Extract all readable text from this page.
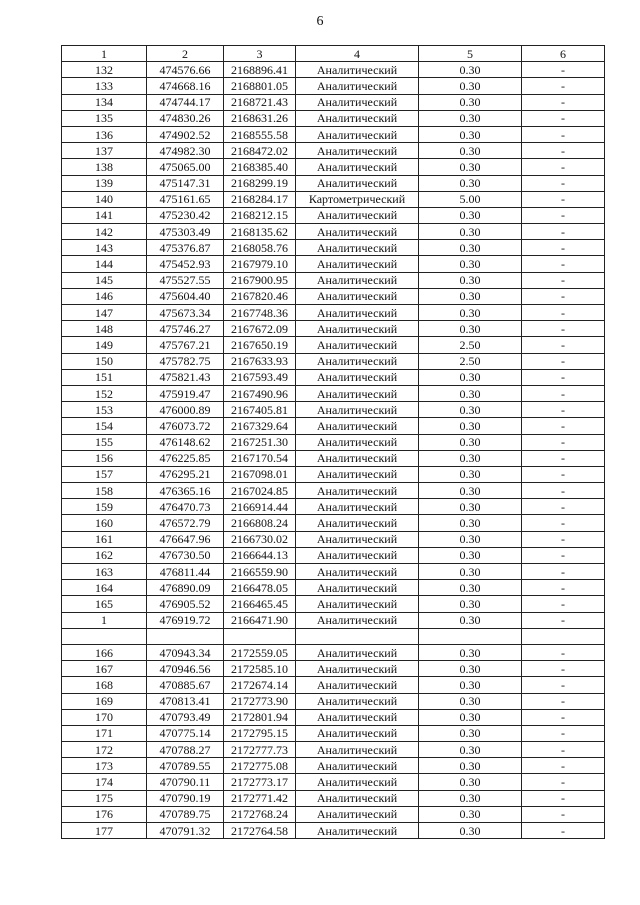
6
1	2	3	4	5	6
132	474576.66	2168896.41	Аналитический	0.30	-
133	474668.16	2168801.05	Аналитический	0.30	-
134	474744.17	2168721.43	Аналитический	0.30	-
135	474830.26	2168631.26	Аналитический	0.30	-
136	474902.52	2168555.58	Аналитический	0.30	-
137	474982.30	2168472.02	Аналитический	0.30	-
138	475065.00	2168385.40	Аналитический	0.30	-
139	475147.31	2168299.19	Аналитический	0.30	-
140	475161.65	2168284.17	Картометрический	5.00	-
141	475230.42	2168212.15	Аналитический	0.30	-
142	475303.49	2168135.62	Аналитический	0.30	-
143	475376.87	2168058.76	Аналитический	0.30	-
144	475452.93	2167979.10	Аналитический	0.30	-
145	475527.55	2167900.95	Аналитический	0.30	-
146	475604.40	2167820.46	Аналитический	0.30	-
147	475673.34	2167748.36	Аналитический	0.30	-
148	475746.27	2167672.09	Аналитический	0.30	-
149	475767.21	2167650.19	Аналитический	2.50	-
150	475782.75	2167633.93	Аналитический	2.50	-
151	475821.43	2167593.49	Аналитический	0.30	-
152	475919.47	2167490.96	Аналитический	0.30	-
153	476000.89	2167405.81	Аналитический	0.30	-
154	476073.72	2167329.64	Аналитический	0.30	-
155	476148.62	2167251.30	Аналитический	0.30	-
156	476225.85	2167170.54	Аналитический	0.30	-
157	476295.21	2167098.01	Аналитический	0.30	-
158	476365.16	2167024.85	Аналитический	0.30	-
159	476470.73	2166914.44	Аналитический	0.30	-
160	476572.79	2166808.24	Аналитический	0.30	-
161	476647.96	2166730.02	Аналитический	0.30	-
162	476730.50	2166644.13	Аналитический	0.30	-
163	476811.44	2166559.90	Аналитический	0.30	-
164	476890.09	2166478.05	Аналитический	0.30	-
165	476905.52	2166465.45	Аналитический	0.30	-
1	476919.72	2166471.90	Аналитический	0.30	-

166	470943.34	2172559.05	Аналитический	0.30	-
167	470946.56	2172585.10	Аналитический	0.30	-
168	470885.67	2172674.14	Аналитический	0.30	-
169	470813.41	2172773.90	Аналитический	0.30	-
170	470793.49	2172801.94	Аналитический	0.30	-
171	470775.14	2172795.15	Аналитический	0.30	-
172	470788.27	2172777.73	Аналитический	0.30	-
173	470789.55	2172775.08	Аналитический	0.30	-
174	470790.11	2172773.17	Аналитический	0.30	-
175	470790.19	2172771.42	Аналитический	0.30	-
176	470789.75	2172768.24	Аналитический	0.30	-
177	470791.32	2172764.58	Аналитический	0.30	-
